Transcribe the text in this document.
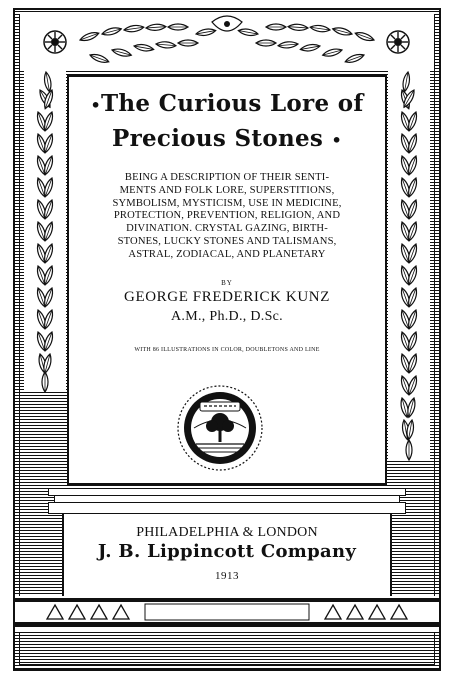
•The Curious Lore of
Precious Stones •
BEING A DESCRIPTION OF THEIR SENTI-
MENTS AND FOLK LORE, SUPERSTITIONS,
SYMBOLISM, MYSTICISM, USE IN MEDICINE,
PROTECTION, PREVENTION, RELIGION, AND
DIVINATION. CRYSTAL GAZING, BIRTH-
STONES, LUCKY STONES AND TALISMANS,
ASTRAL, ZODIACAL, AND PLANETARY
BY
GEORGE FREDERICK KUNZ
A.M., Ph.D., D.Sc.
WITH 86 ILLUSTRATIONS IN COLOR, DOUBLETONS AND LINE
PHILADELPHIA & LONDON
J. B. Lippincott Company
1913
